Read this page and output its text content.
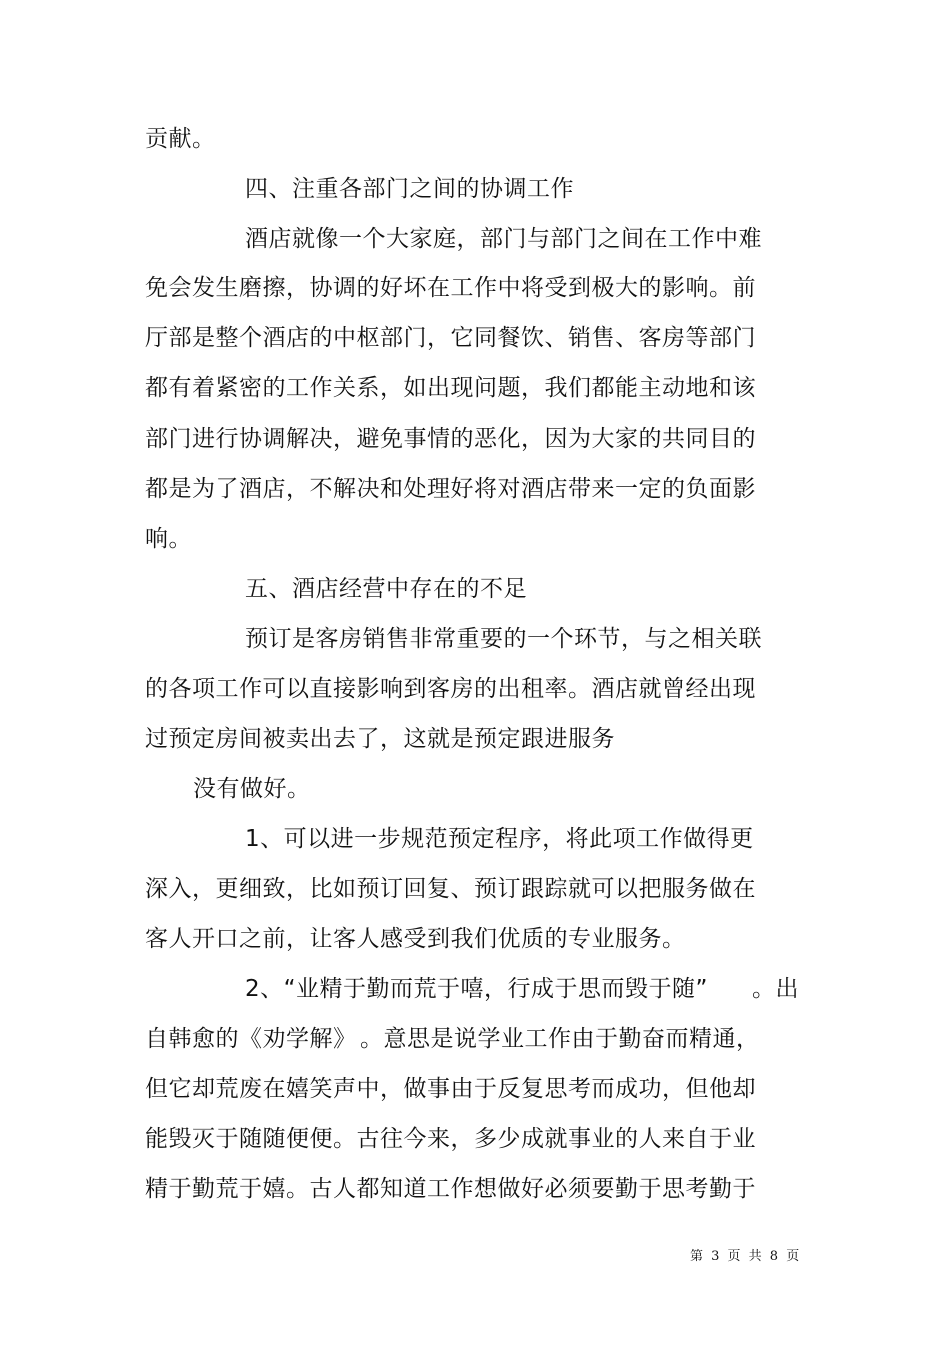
贡献。
四、注重各部门之间的协调工作
酒店就像一个大家庭，部门与部门之间在工作中难
免会发生磨擦，协调的好坏在工作中将受到极大的影响。前
厅部是整个酒店的中枢部门，它同餐饮、销售、客房等部门
都有着紧密的工作关系，如出现问题，我们都能主动地和该
部门进行协调解决，避免事情的恶化，因为大家的共同目的
都是为了酒店，不解决和处理好将对酒店带来一定的负面影
响。
五、酒店经营中存在的不足
预订是客房销售非常重要的一个环节，与之相关联
的各项工作可以直接影响到客房的出租率。酒店就曾经出现
过预定房间被卖出去了，这就是预定跟进服务
没有做好。
1、可以进一步规范预定程序，将此项工作做得更
深入，更细致，比如预订回复、预订跟踪就可以把服务做在
客人开口之前，让客人感受到我们优质的专业服务。
2、“业精于勤而荒于嘻，行成于思而毁于随” 。出
自韩愈的《劝学解》 。意思是说学业工作由于勤奋而精通，
但它却荒废在嬉笑声中，做事由于反复思考而成功，但他却
能毁灭于随随便便。古往今来，多少成就事业的人来自于业
精于勤荒于嬉。古人都知道工作想做好必须要勤于思考勤于
第 3 页 共 8 页
